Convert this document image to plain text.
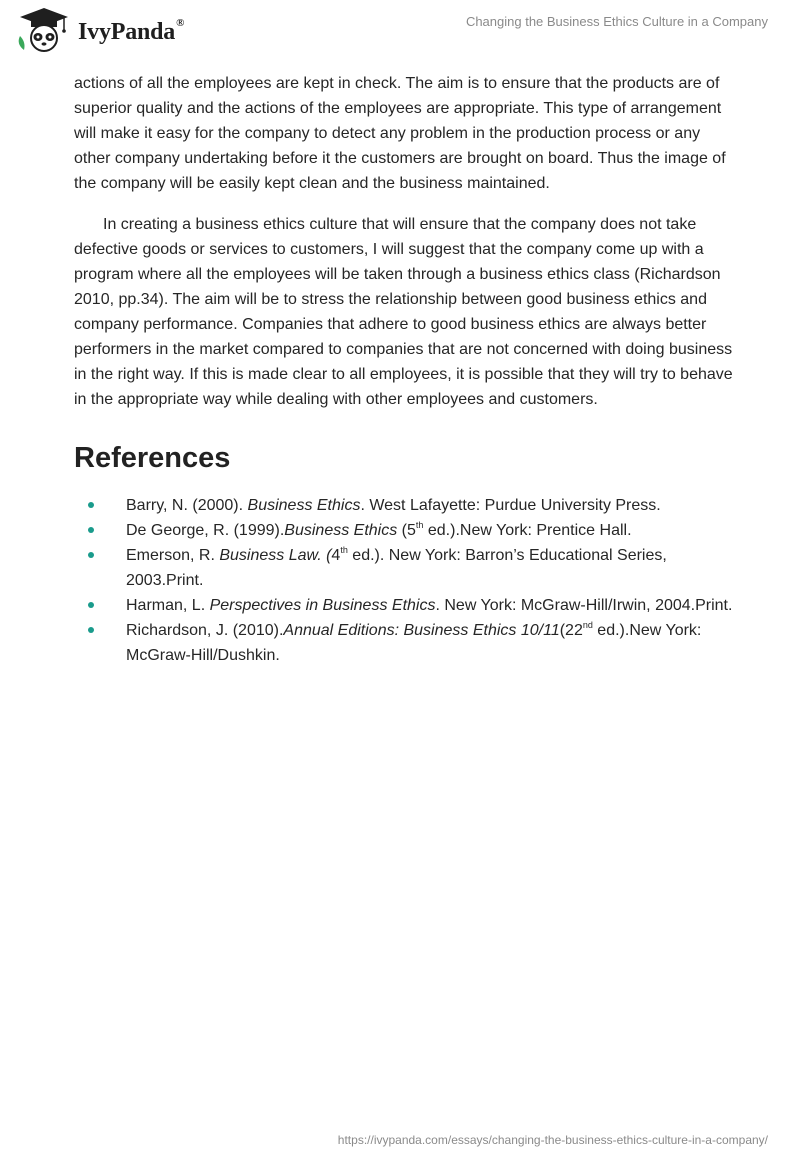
IvyPanda®	Changing the Business Ethics Culture in a Company

actions of all the employees are kept in check. The aim is to ensure that the products are of superior quality and the actions of the employees are appropriate. This type of arrangement will make it easy for the company to detect any problem in the production process or any other company undertaking before it the customers are brought on board. Thus the image of the company will be easily kept clean and the business maintained.

In creating a business ethics culture that will ensure that the company does not take defective goods or services to customers, I will suggest that the company come up with a program where all the employees will be taken through a business ethics class (Richardson 2010, pp.34). The aim will be to stress the relationship between good business ethics and company performance. Companies that adhere to good business ethics are always better performers in the market compared to companies that are not concerned with doing business in the right way. If this is made clear to all employees, it is possible that they will try to behave in the appropriate way while dealing with other employees and customers.

References
Barry, N. (2000). Business Ethics. West Lafayette: Purdue University Press.
De George, R. (1999).Business Ethics (5th ed.).New York: Prentice Hall.
Emerson, R. Business Law. (4th ed.). New York: Barron’s Educational Series, 2003.Print.
Harman, L. Perspectives in Business Ethics. New York: McGraw-Hill/Irwin, 2004.Print.
Richardson, J. (2010).Annual Editions: Business Ethics 10/11(22nd ed.).New York: McGraw-Hill/Dushkin.
https://ivypanda.com/essays/changing-the-business-ethics-culture-in-a-company/
